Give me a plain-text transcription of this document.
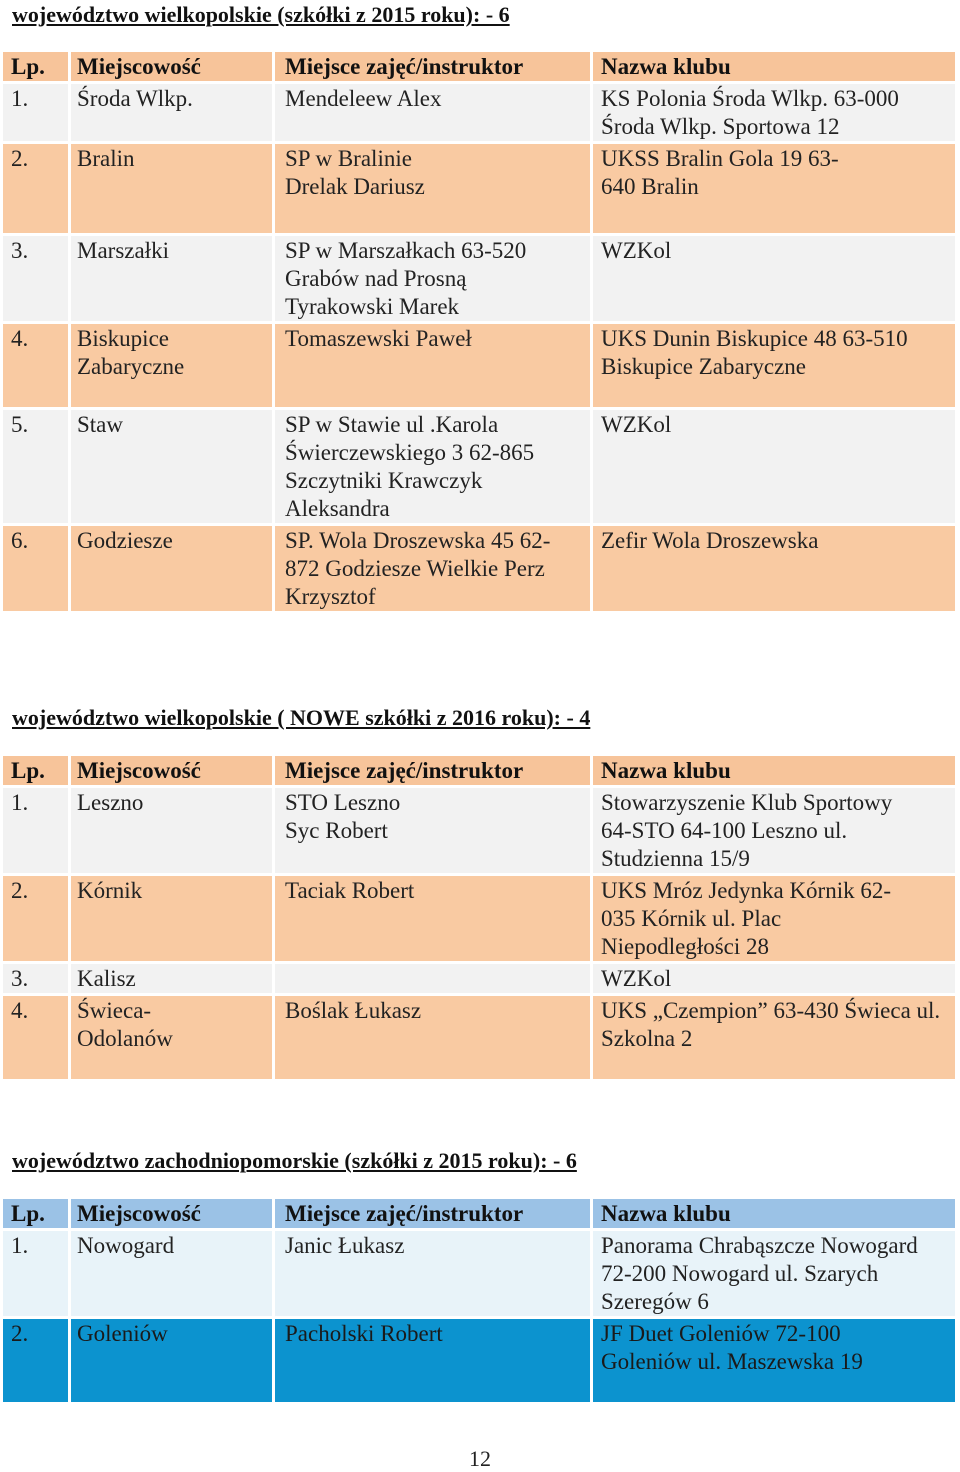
województwo wielkopolskie (szkółki z 2015 roku): - 6
Lp.	Miejscowość	Miejsce zajęć/instruktor	Nazwa klubu
1.	Środa Wlkp.	Mendeleew Alex	KS Polonia Środa Wlkp. 63-000 Środa Wlkp. Sportowa 12
2.	Bralin	SP w Bralinie Drelak Dariusz	UKSS Bralin Gola 19 63-640 Bralin
3.	Marszałki	SP w Marszałkach 63-520 Grabów nad Prosną Tyrakowski Marek	WZKol
4.	Biskupice Zabaryczne	Tomaszewski Paweł	UKS Dunin Biskupice 48 63-510 Biskupice Zabaryczne
5.	Staw	SP w Stawie ul .Karola Świerczewskiego 3 62-865 Szczytniki Krawczyk Aleksandra	WZKol
6.	Godziesze	SP. Wola Droszewska 45 62-872 Godziesze Wielkie Perz Krzysztof	Zefir Wola Droszewska
województwo wielkopolskie ( NOWE szkółki z 2016 roku): - 4
Lp.	Miejscowość	Miejsce zajęć/instruktor	Nazwa klubu
1.	Leszno	STO Leszno Syc Robert	Stowarzyszenie Klub Sportowy 64-STO 64-100 Leszno ul. Studzienna 15/9
2.	Kórnik	Taciak Robert	UKS Mróz Jedynka Kórnik 62-035 Kórnik ul. Plac Niepodległości 28
3.	Kalisz		WZKol
4.	Świeca- Odolanów	Boślak Łukasz	UKS „Czempion” 63-430 Świeca ul. Szkolna 2
województwo zachodniopomorskie (szkółki z 2015 roku): - 6
Lp.	Miejscowość	Miejsce zajęć/instruktor	Nazwa klubu
1.	Nowogard	Janic Łukasz	Panorama Chrabąszcze Nowogard 72-200 Nowogard ul. Szarych Szeregów 6
2.	Goleniów	Pacholski Robert	JF Duet Goleniów 72-100 Goleniów ul. Maszewska 19
12
